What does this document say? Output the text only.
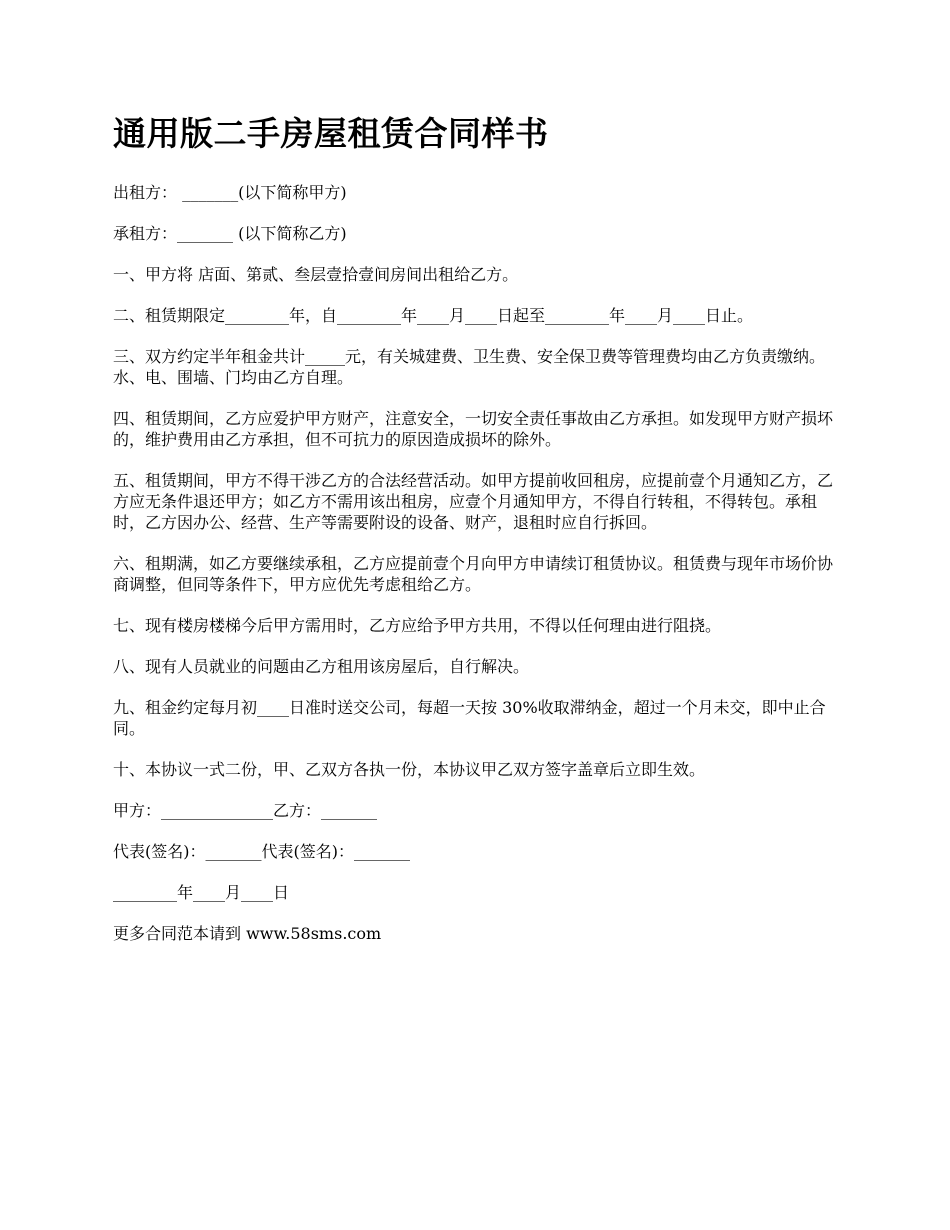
通用版二手房屋租赁合同样书

出租方： _______(以下简称甲方)

承租方：_______ (以下简称乙方)

一、甲方将 店面、第贰、叁层壹拾壹间房间出租给乙方。

二、租赁期限定________年，自________年____月____日起至________年____月____日止。

三、双方约定半年租金共计_____元，有关城建费、卫生费、安全保卫费等管理费均由乙方负责缴纳。水、电、围墙、门均由乙方自理。

四、租赁期间，乙方应爱护甲方财产，注意安全，一切安全责任事故由乙方承担。如发现甲方财产损坏的，维护费用由乙方承担，但不可抗力的原因造成损坏的除外。

五、租赁期间，甲方不得干涉乙方的合法经营活动。如甲方提前收回租房，应提前壹个月通知乙方，乙方应无条件退还甲方；如乙方不需用该出租房，应壹个月通知甲方，不得自行转租，不得转包。承租时，乙方因办公、经营、生产等需要附设的设备、财产，退租时应自行拆回。

六、租期满，如乙方要继续承租，乙方应提前壹个月向甲方申请续订租赁协议。租赁费与现年市场价协商调整，但同等条件下，甲方应优先考虑租给乙方。

七、现有楼房楼梯今后甲方需用时，乙方应给予甲方共用，不得以任何理由进行阻挠。

八、现有人员就业的问题由乙方租用该房屋后，自行解决。

九、租金约定每月初____日准时送交公司，每超一天按 30%收取滞纳金，超过一个月未交，即中止合同。

十、本协议一式二份，甲、乙双方各执一份，本协议甲乙双方签字盖章后立即生效。

甲方：______________乙方：_______

代表(签名)：_______代表(签名)：_______

________年____月____日

更多合同范本请到 www.58sms.com
